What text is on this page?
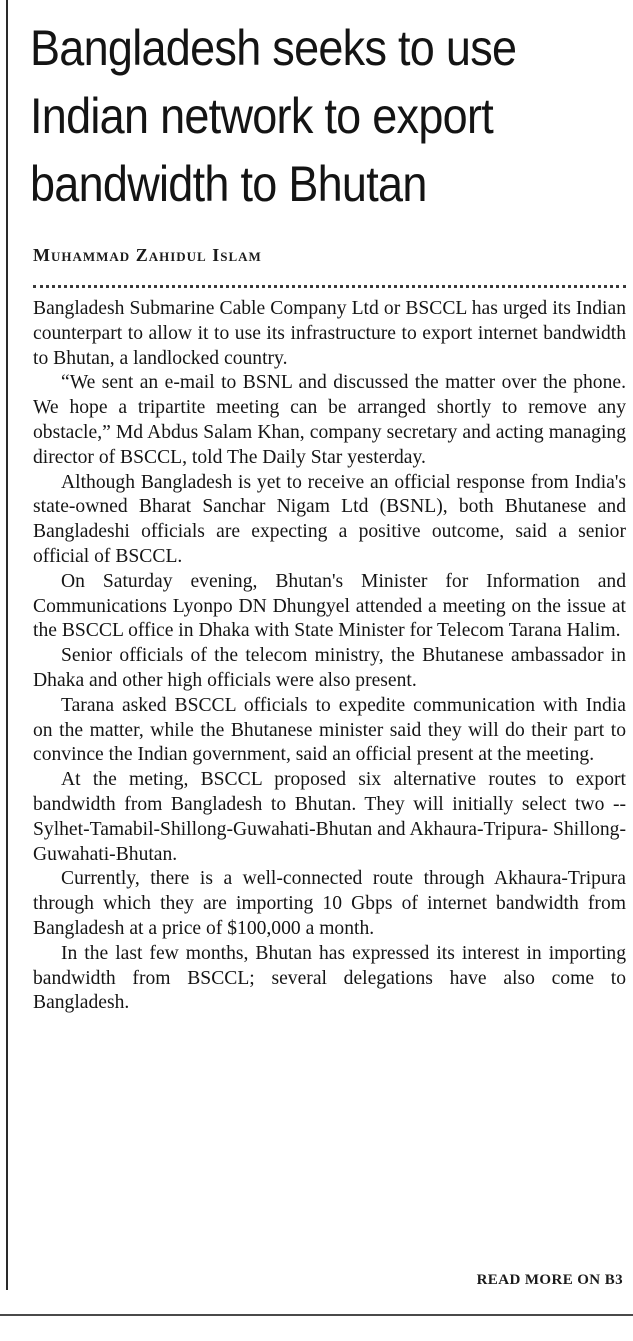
Bangladesh seeks to use Indian network to export bandwidth to Bhutan
Muhammad Zahidul Islam

Bangladesh Submarine Cable Company Ltd or BSCCL has urged its Indian counterpart to allow it to use its infrastructure to export internet bandwidth to Bhutan, a landlocked country.

“We sent an e-mail to BSNL and discussed the matter over the phone. We hope a tripartite meeting can be arranged shortly to remove any obstacle,” Md Abdus Salam Khan, company secretary and acting managing director of BSCCL, told The Daily Star yesterday.

Although Bangladesh is yet to receive an official response from India's state-owned Bharat Sanchar Nigam Ltd (BSNL), both Bhutanese and Bangladeshi officials are expecting a positive outcome, said a senior official of BSCCL.

On Saturday evening, Bhutan's Minister for Information and Communications Lyonpo DN Dhungyel attended a meeting on the issue at the BSCCL office in Dhaka with State Minister for Telecom Tarana Halim.

Senior officials of the telecom ministry, the Bhutanese ambassador in Dhaka and other high officials were also present.

Tarana asked BSCCL officials to expedite communication with India on the matter, while the Bhutanese minister said they will do their part to convince the Indian government, said an official present at the meeting.

At the meting, BSCCL proposed six alternative routes to export bandwidth from Bangladesh to Bhutan. They will initially select two -- Sylhet-Tamabil-Shillong-Guwahati-Bhutan and Akhaura-Tripura- Shillong-Guwahati-Bhutan.

Currently, there is a well-connected route through Akhaura-Tripura through which they are importing 10 Gbps of internet bandwidth from Bangladesh at a price of $100,000 a month.

In the last few months, Bhutan has expressed its interest in importing bandwidth from BSCCL; several delegations have also come to Bangladesh.

READ MORE ON B3
